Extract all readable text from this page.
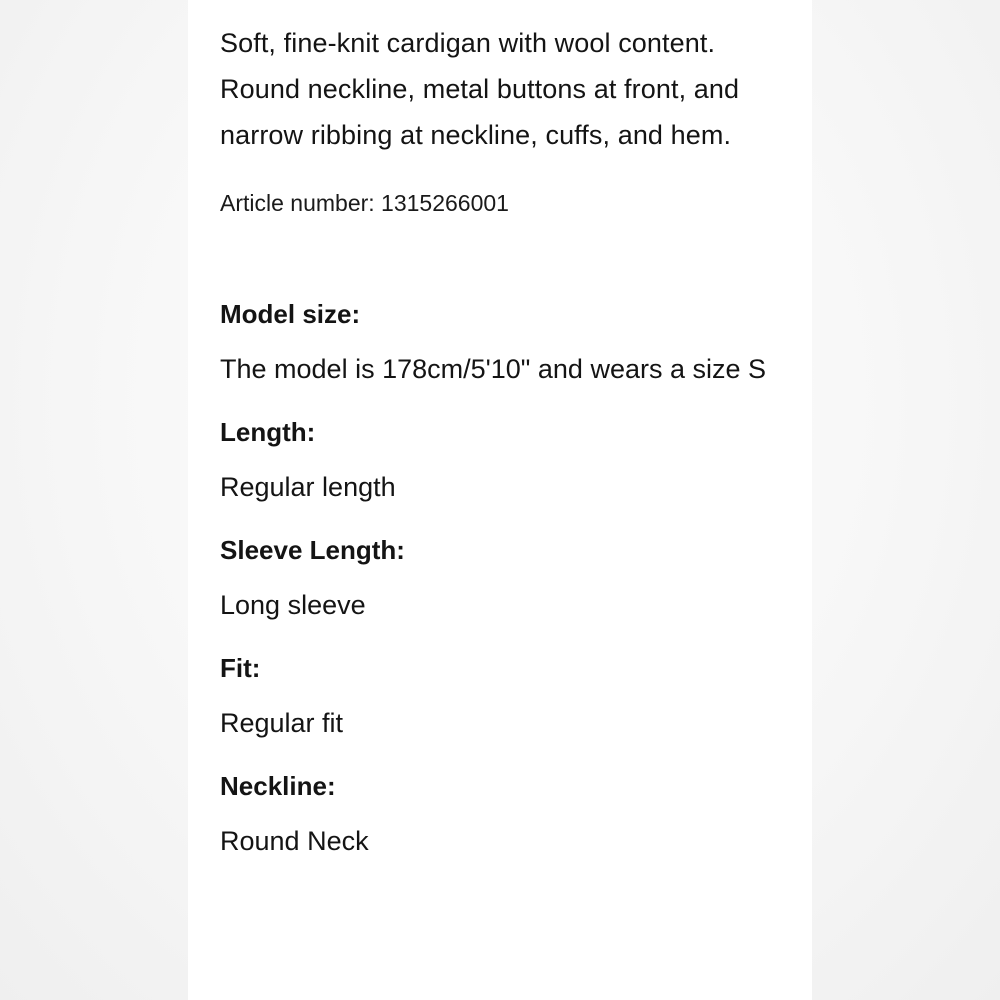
Soft, fine-knit cardigan with wool content. Round neckline, metal buttons at front, and narrow ribbing at neckline, cuffs, and hem.

Article number: 1315266001
Model size:
The model is 178cm/5'10" and wears a size S
Length:
Regular length
Sleeve Length:
Long sleeve
Fit:
Regular fit
Neckline:
Round Neck
